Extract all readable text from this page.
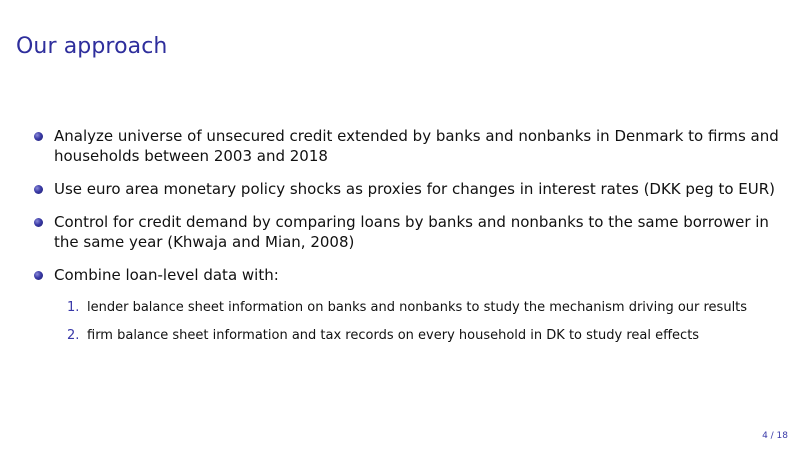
Our approach
Analyze universe of unsecured credit extended by banks and nonbanks in Denmark to firms and households between 2003 and 2018
Use euro area monetary policy shocks as proxies for changes in interest rates (DKK peg to EUR)
Control for credit demand by comparing loans by banks and nonbanks to the same borrower in the same year (Khwaja and Mian, 2008)
Combine loan-level data with:
1. lender balance sheet information on banks and nonbanks to study the mechanism driving our results
2. firm balance sheet information and tax records on every household in DK to study real effects
4 / 18
